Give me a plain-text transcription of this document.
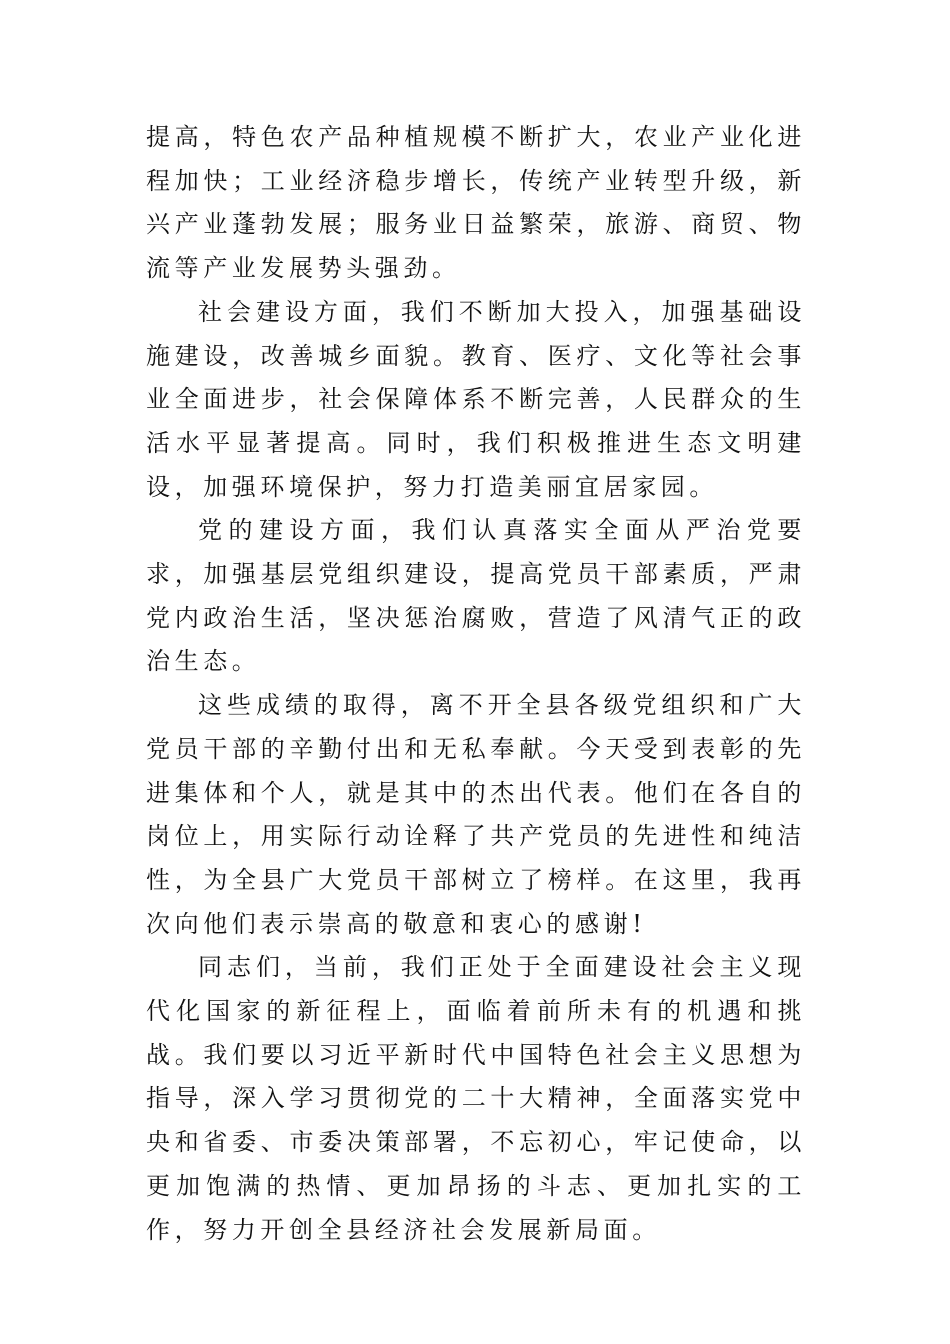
提高，特色农产品种植规模不断扩大，农业产业化进程加快；工业经济稳步增长，传统产业转型升级，新兴产业蓬勃发展；服务业日益繁荣，旅游、商贸、物流等产业发展势头强劲。

社会建设方面，我们不断加大投入，加强基础设施建设，改善城乡面貌。教育、医疗、文化等社会事业全面进步，社会保障体系不断完善，人民群众的生活水平显著提高。同时，我们积极推进生态文明建设，加强环境保护，努力打造美丽宜居家园。

党的建设方面，我们认真落实全面从严治党要求，加强基层党组织建设，提高党员干部素质，严肃党内政治生活，坚决惩治腐败，营造了风清气正的政治生态。

这些成绩的取得，离不开全县各级党组织和广大党员干部的辛勤付出和无私奉献。今天受到表彰的先进集体和个人，就是其中的杰出代表。他们在各自的岗位上，用实际行动诠释了共产党员的先进性和纯洁性，为全县广大党员干部树立了榜样。在这里，我再次向他们表示崇高的敬意和衷心的感谢!

同志们，当前，我们正处于全面建设社会主义现代化国家的新征程上，面临着前所未有的机遇和挑战。我们要以习近平新时代中国特色社会主义思想为指导，深入学习贯彻党的二十大精神，全面落实党中央和省委、市委决策部署，不忘初心，牢记使命，以更加饱满的热情、更加昂扬的斗志、更加扎实的工作，努力开创全县经济社会发展新局面。
